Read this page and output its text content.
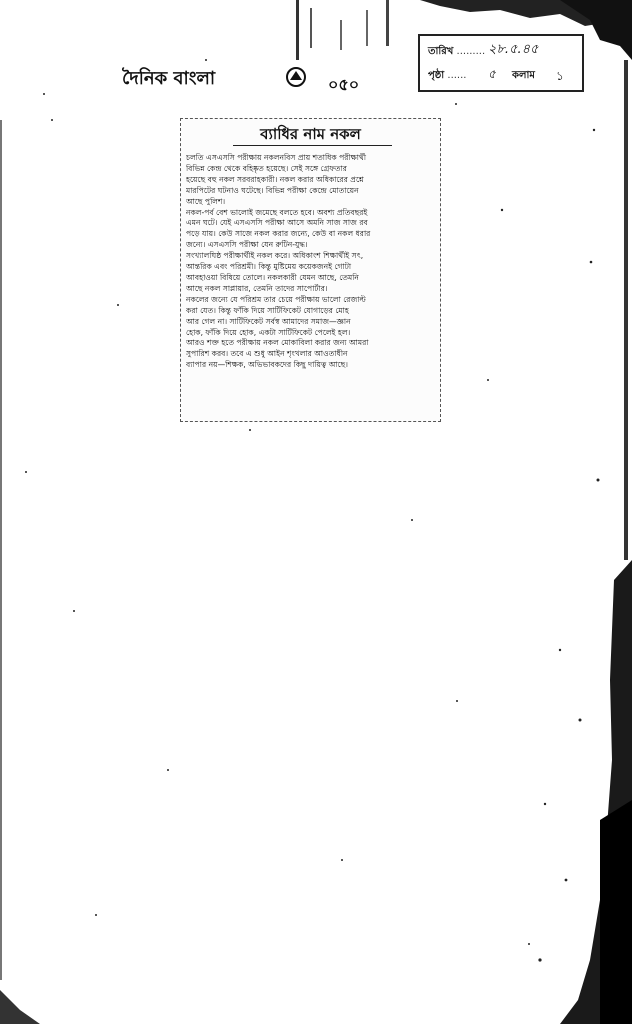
দৈনিক বাংলা	০৫০
তারিখ ......... ২৮.৫.৪৫
পৃষ্ঠা ...... ৫ কলাম ১
ব্যাধির নাম নকল
চলতি এসএসসি পরীক্ষায় নকলনবিস প্রায় শতাধিক পরীক্ষার্থী
বিভিন্ন কেন্দ্র থেকে বহিষ্কৃত হয়েছে। সেই সঙ্গে গ্রেফতার
হয়েছে বহু নকল সরবরাহকারী। নকল করার অধিকারের প্রশ্নে
মারপিটের ঘটনাও ঘটেছে। বিভিন্ন পরীক্ষা কেন্দ্রে মোতায়েন
আছে পুলিশ।
নকল-পর্ব বেশ ভালোই জমেছে বলতে হবে। অবশ্য প্রতিবছরই
এমন ঘটে। যেই এসএসসি পরীক্ষা আসে অমনি সাজ সাজ রব
পড়ে যায়। কেউ সাজে নকল করার জন্যে, কেউ বা নকল ধরার
জন্যে। এসএসসি পরীক্ষা যেন রুটিন-যুদ্ধ।
সংখ্যালঘিষ্ঠ পরীক্ষার্থীই নকল করে। অধিকাংশ শিক্ষার্থীই সৎ,
আন্তরিক এবং পরিশ্রমী। কিন্তু মুষ্টিমেয় কয়েকজনই গোটা
আবহাওয়া বিষিয়ে তোলে। নকলকারী যেমন আছে, তেমনি
আছে নকল সাপ্লায়ার, তেমনি তাদের সাপোর্টার।
নকলের জন্যে যে পরিশ্রম তার চেয়ে পরীক্ষায় ভালো রেজাল্ট
করা যেত। কিন্তু ফাঁকি দিয়ে সার্টিফিকেট যোগাড়ের মোহ
আর গেল না। সার্টিফিকেট সর্বস্ব আমাদের সমাজ—জ্ঞান
হোক, ফাঁকি দিয়ে হোক, একটা সার্টিফিকেট পেলেই হল।
আরও শক্ত হতে পরীক্ষায় নকল মোকাবিলা করার জন্য আমরা
সুপারিশ করব। তবে এ শুধু আইন শৃংখলার আওতাধীন
ব্যাপার নয়—শিক্ষক, অভিভাবকদের কিছু দায়িত্ব আছে।
